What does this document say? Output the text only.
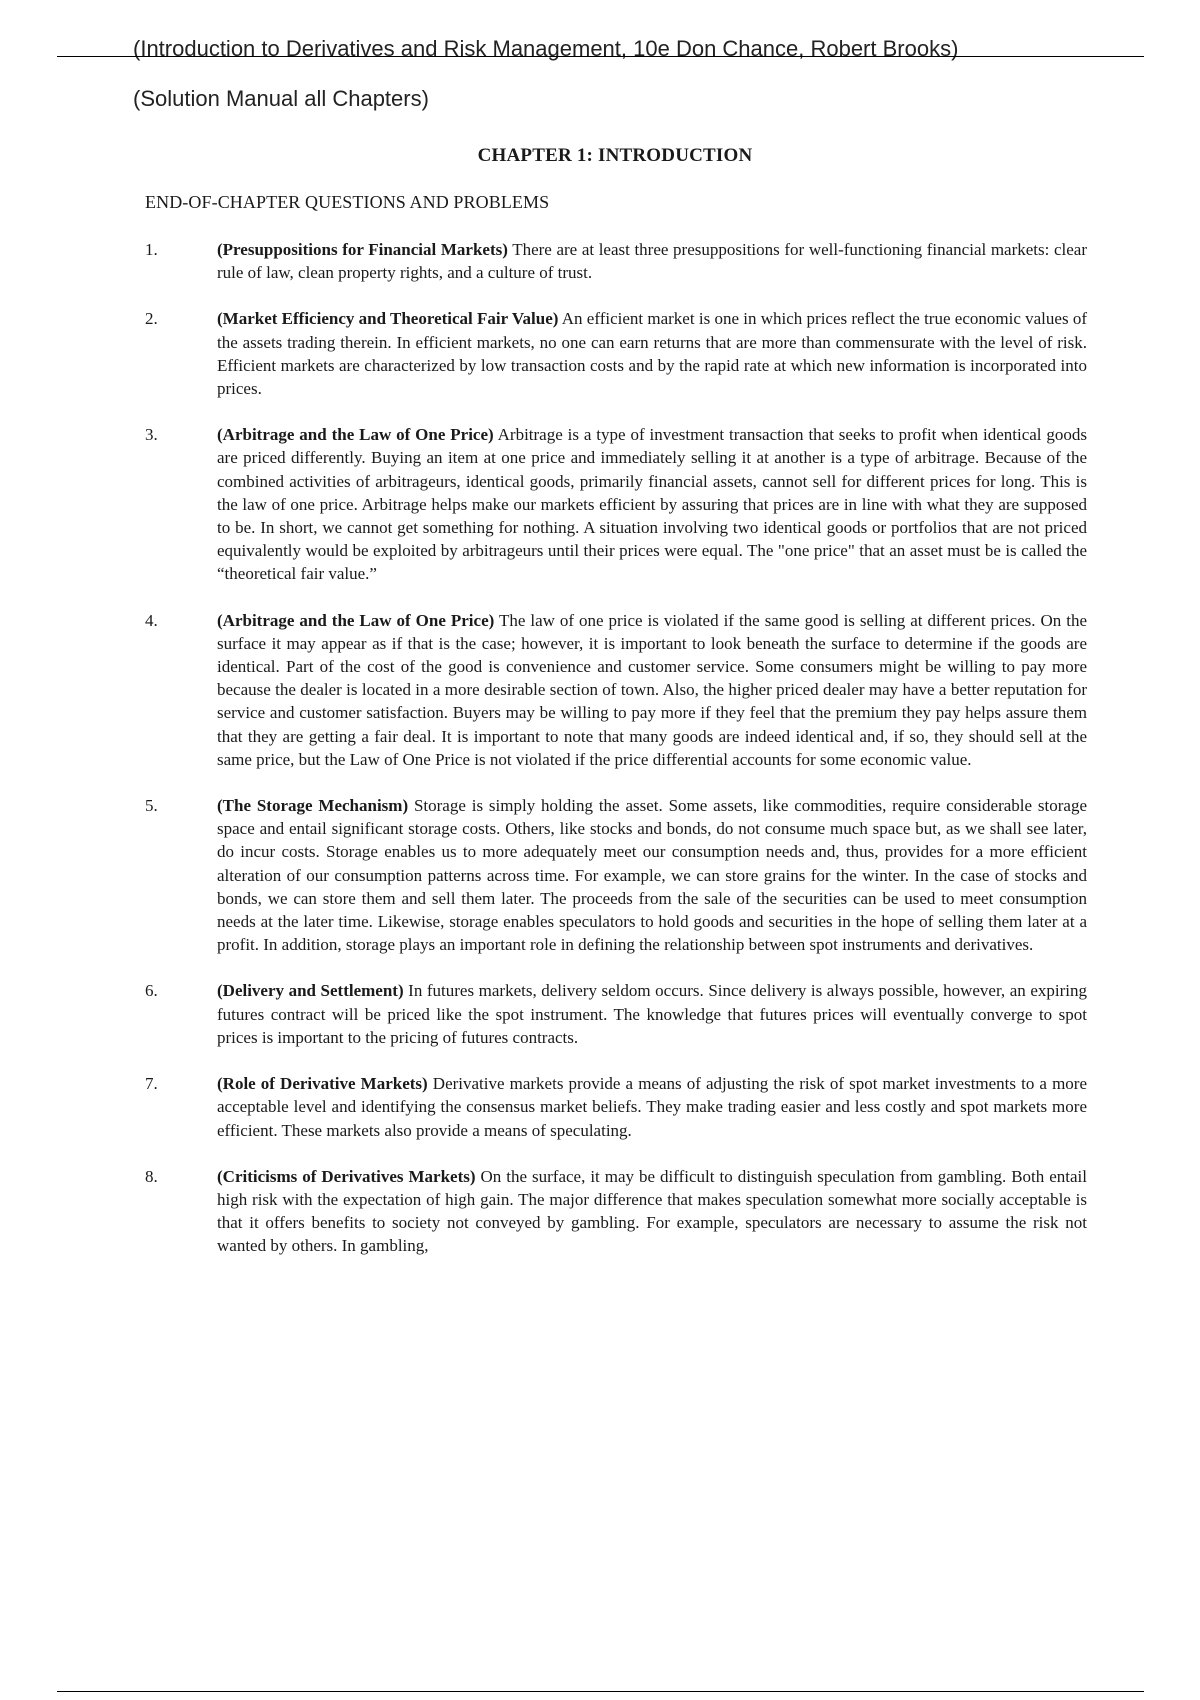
(Introduction to Derivatives and Risk Management, 10e Don Chance, Robert Brooks)
(Solution Manual all Chapters)
CHAPTER 1: INTRODUCTION
END-OF-CHAPTER QUESTIONS AND PROBLEMS
1.	(Presuppositions for Financial Markets) There are at least three presuppositions for well-functioning financial markets: clear rule of law, clean property rights, and a culture of trust.
2.	(Market Efficiency and Theoretical Fair Value) An efficient market is one in which prices reflect the true economic values of the assets trading therein. In efficient markets, no one can earn returns that are more than commensurate with the level of risk. Efficient markets are characterized by low transaction costs and by the rapid rate at which new information is incorporated into prices.
3.	(Arbitrage and the Law of One Price) Arbitrage is a type of investment transaction that seeks to profit when identical goods are priced differently. Buying an item at one price and immediately selling it at another is a type of arbitrage. Because of the combined activities of arbitrageurs, identical goods, primarily financial assets, cannot sell for different prices for long. This is the law of one price. Arbitrage helps make our markets efficient by assuring that prices are in line with what they are supposed to be. In short, we cannot get something for nothing. A situation involving two identical goods or portfolios that are not priced equivalently would be exploited by arbitrageurs until their prices were equal. The "one price" that an asset must be is called the “theoretical fair value.”
4.	(Arbitrage and the Law of One Price) The law of one price is violated if the same good is selling at different prices. On the surface it may appear as if that is the case; however, it is important to look beneath the surface to determine if the goods are identical. Part of the cost of the good is convenience and customer service. Some consumers might be willing to pay more because the dealer is located in a more desirable section of town. Also, the higher priced dealer may have a better reputation for service and customer satisfaction. Buyers may be willing to pay more if they feel that the premium they pay helps assure them that they are getting a fair deal. It is important to note that many goods are indeed identical and, if so, they should sell at the same price, but the Law of One Price is not violated if the price differential accounts for some economic value.
5.	(The Storage Mechanism) Storage is simply holding the asset. Some assets, like commodities, require considerable storage space and entail significant storage costs. Others, like stocks and bonds, do not consume much space but, as we shall see later, do incur costs. Storage enables us to more adequately meet our consumption needs and, thus, provides for a more efficient alteration of our consumption patterns across time. For example, we can store grains for the winter. In the case of stocks and bonds, we can store them and sell them later. The proceeds from the sale of the securities can be used to meet consumption needs at the later time. Likewise, storage enables speculators to hold goods and securities in the hope of selling them later at a profit. In addition, storage plays an important role in defining the relationship between spot instruments and derivatives.
6.	(Delivery and Settlement) In futures markets, delivery seldom occurs. Since delivery is always possible, however, an expiring futures contract will be priced like the spot instrument. The knowledge that futures prices will eventually converge to spot prices is important to the pricing of futures contracts.
7.	(Role of Derivative Markets) Derivative markets provide a means of adjusting the risk of spot market investments to a more acceptable level and identifying the consensus market beliefs. They make trading easier and less costly and spot markets more efficient. These markets also provide a means of speculating.
8.	(Criticisms of Derivatives Markets) On the surface, it may be difficult to distinguish speculation from gambling. Both entail high risk with the expectation of high gain. The major difference that makes speculation somewhat more socially acceptable is that it offers benefits to society not conveyed by gambling. For example, speculators are necessary to assume the risk not wanted by others. In gambling,
